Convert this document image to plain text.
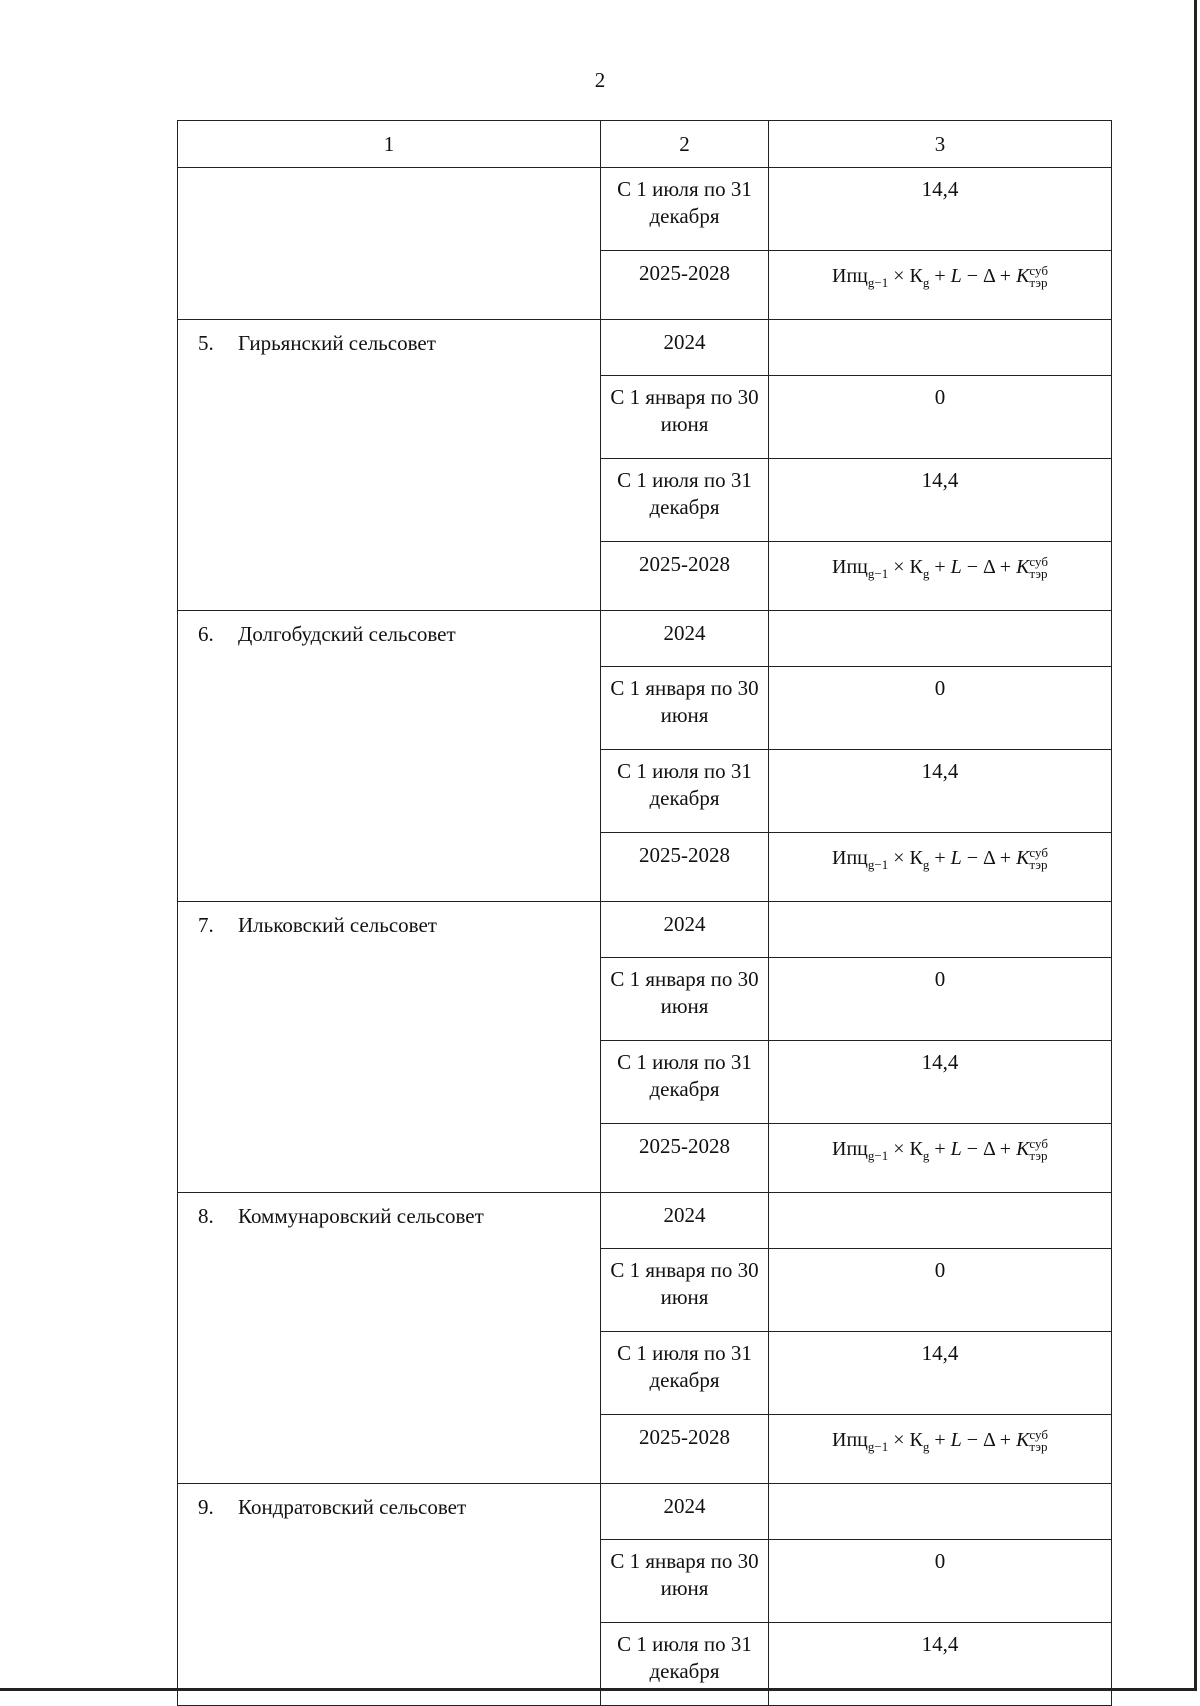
2
1	2	3
	С 1 июля по 31 декабря	14,4
	2025-2028	$Ипц_{g-1} \times К_g + L - \Delta + K$ суб
тэр

5. Гирьянский сельсовет	2024	
	С 1 января по 30 июня	0
	С 1 июля по 31 декабря	14,4
	2025-2028	$Ипц_{g-1} \times К_g + L - \Delta + K$ суб
тэр

6. Долгобудский сельсовет	2024	
	С 1 января по 30 июня	0
	С 1 июля по 31 декабря	14,4
	2025-2028	$Ипц_{g-1} \times К_g + L - \Delta + K$ суб
тэр

7. Ильковский сельсовет	2024	
	С 1 января по 30 июня	0
	С 1 июля по 31 декабря	14,4
	2025-2028	$Ипц_{g-1} \times К_g + L - \Delta + K$ суб
тэр

8. Коммунаровский сельсовет	2024	
	С 1 января по 30 июня	0
	С 1 июля по 31 декабря	14,4
	2025-2028	$Ипц_{g-1} \times К_g + L - \Delta + K$ суб
тэр

9. Кондратовский сельсовет	2024	
	С 1 января по 30 июня	0
	С 1 июля по 31 декабря	14,4
